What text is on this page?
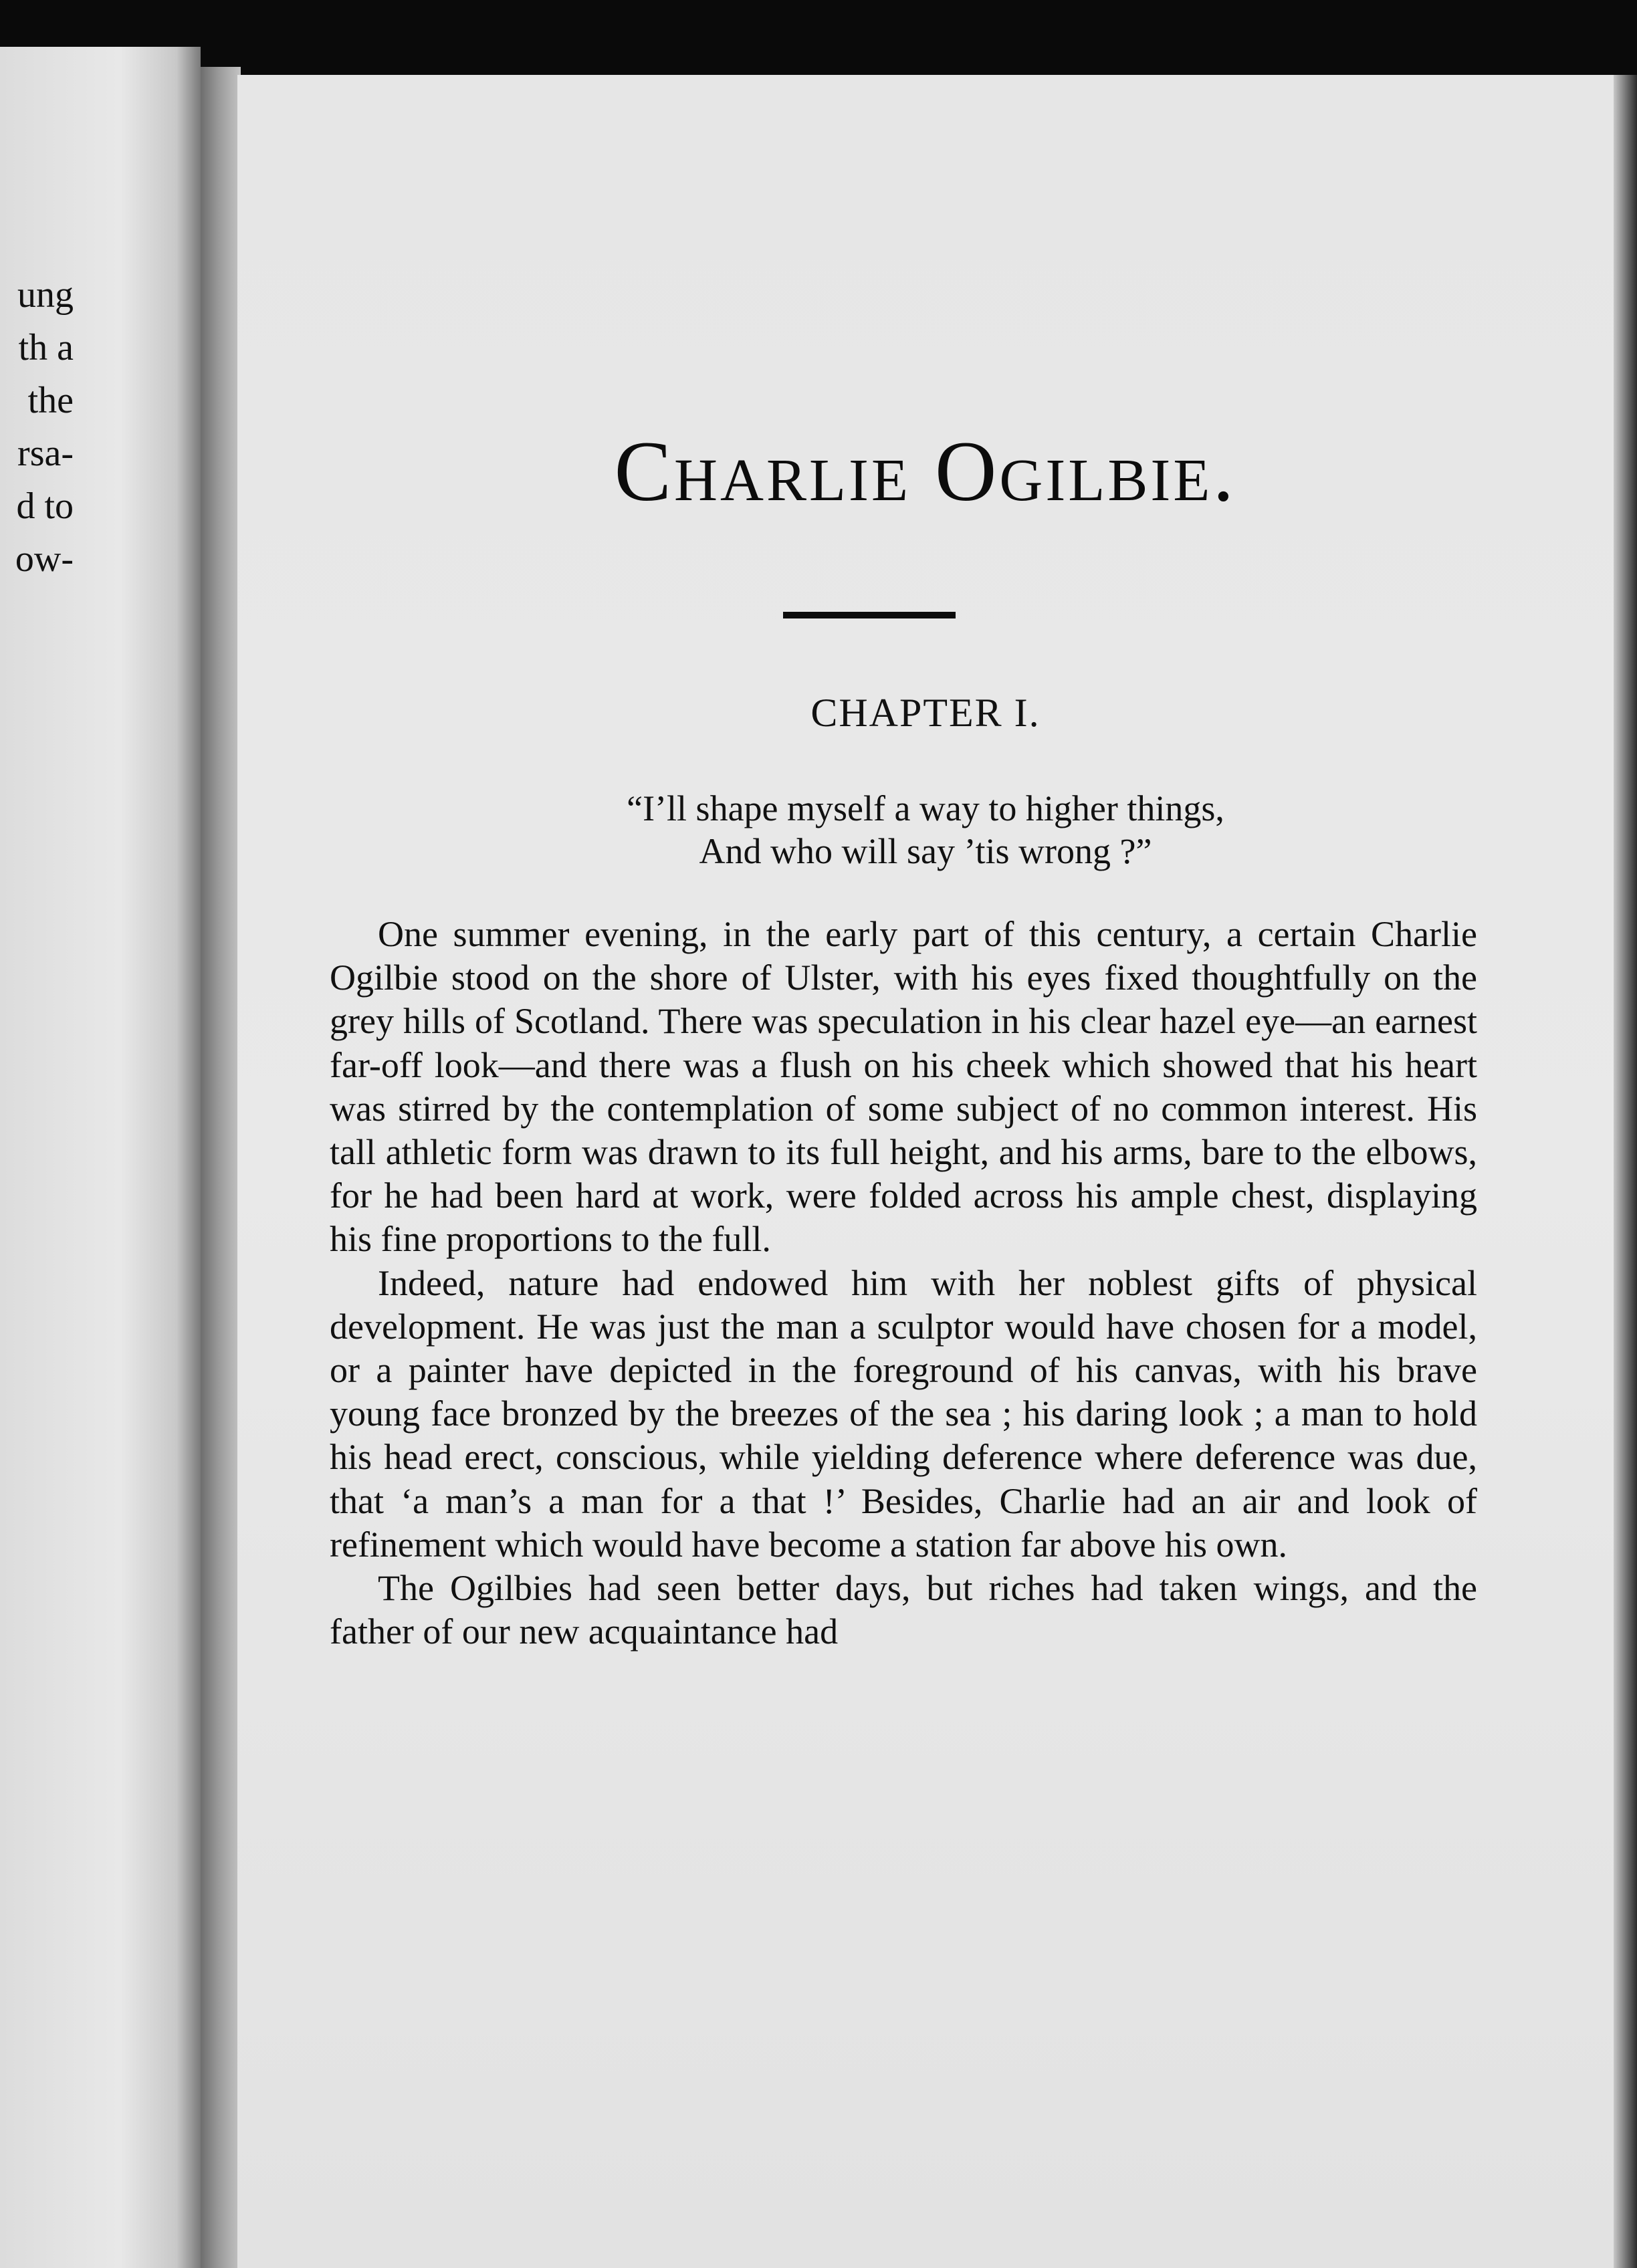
ung
th a
the
rsa-
d to
ow-
Charlie Ogilbie.
CHAPTER I.
“I’ll shape myself a way to higher things,
And who will say ’tis wrong ?”

One summer evening, in the early part of this century, a certain Charlie Ogilbie stood on the shore of Ulster, with his eyes fixed thoughtfully on the grey hills of Scotland. There was speculation in his clear hazel eye—an earnest far-off look—and there was a flush on his cheek which showed that his heart was stirred by the contemplation of some subject of no common interest. His tall athletic form was drawn to its full height, and his arms, bare to the elbows, for he had been hard at work, were folded across his ample chest, displaying his fine proportions to the full.

Indeed, nature had endowed him with her noblest gifts of physical development. He was just the man a sculptor would have chosen for a model, or a painter have depicted in the foreground of his canvas, with his brave young face bronzed by the breezes of the sea ; his daring look ; a man to hold his head erect, conscious, while yielding deference where deference was due, that ‘a man’s a man for a that !’ Besides, Charlie had an air and look of refinement which would have become a station far above his own.

The Ogilbies had seen better days, but riches had taken wings, and the father of our new acquaintance had
